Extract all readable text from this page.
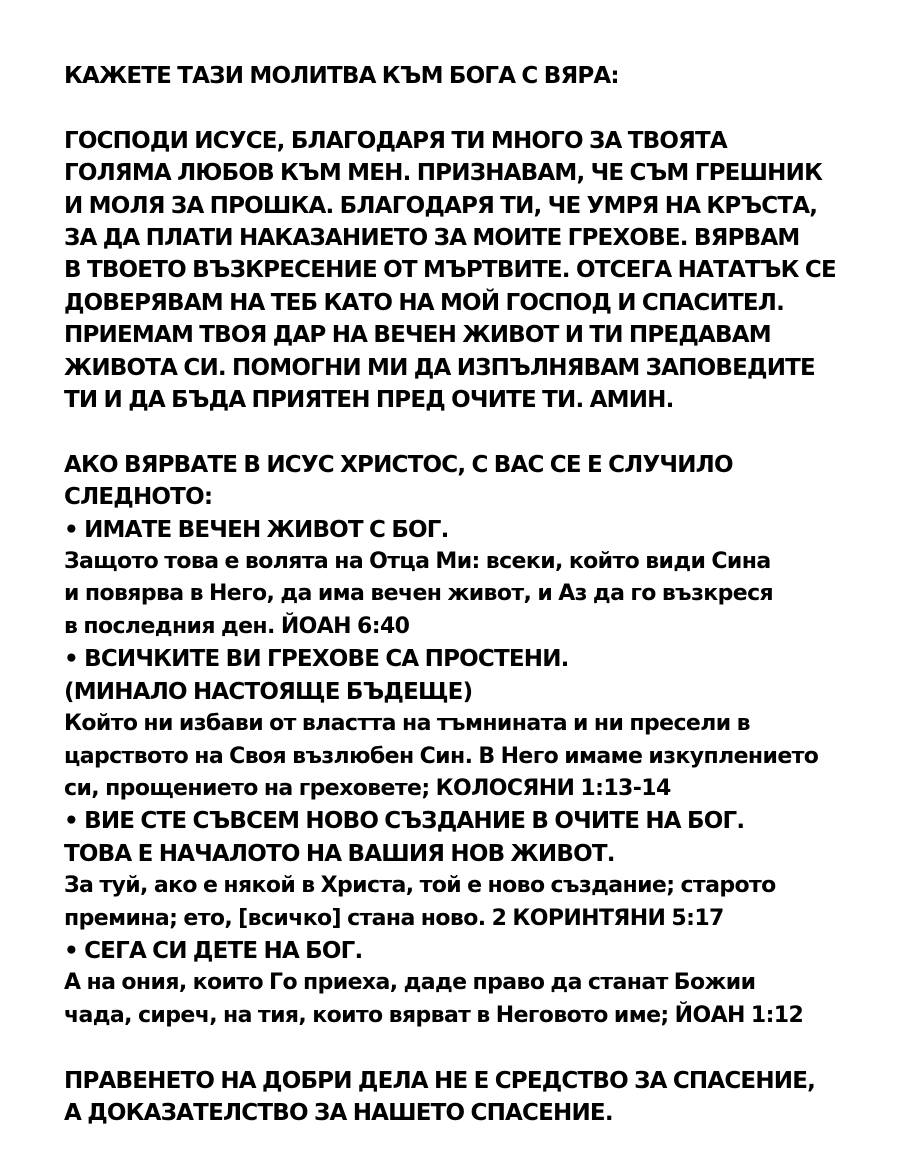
КАЖЕТЕ ТАЗИ МОЛИТВА КЪМ БОГА С ВЯРА:
ГОСПОДИ ИСУСЕ, БЛАГОДАРЯ ТИ МНОГО ЗА ТВОЯТА
ГОЛЯМА ЛЮБОВ КЪМ МЕН. ПРИЗНАВАМ, ЧЕ СЪМ ГРЕШНИК
И МОЛЯ ЗА ПРОШКА. БЛАГОДАРЯ ТИ, ЧЕ УМРЯ НА КРЪСТА,
ЗА ДА ПЛАТИ НАКАЗАНИЕТО ЗА МОИТЕ ГРЕХОВЕ. ВЯРВАМ
В ТВОЕТО ВЪЗКРЕСЕНИЕ ОТ МЪРТВИТЕ. ОТСЕГА НАТАТЪК СЕ
ДОВЕРЯВАМ НА ТЕБ КАТО НА МОЙ ГОСПОД И СПАСИТЕЛ.
ПРИЕМАМ ТВОЯ ДАР НА ВЕЧЕН ЖИВОТ И ТИ ПРЕДАВАМ
ЖИВОТА СИ. ПОМОГНИ МИ ДА ИЗПЪЛНЯВАМ ЗАПОВЕДИТЕ
ТИ И ДА БЪДА ПРИЯТЕН ПРЕД ОЧИТЕ ТИ. АМИН.
АКО ВЯРВАТЕ В ИСУС ХРИСТОС, С ВАС СЕ Е СЛУЧИЛО
СЛЕДНОТО:
• ИМАТЕ ВЕЧЕН ЖИВОТ С БОГ.
Защото това е волята на Отца Ми: всеки, който види Сина
и повярва в Него, да има вечен живот, и Аз да го възкреся
в последния ден. ЙОАН 6:40
• ВСИЧКИТЕ ВИ ГРЕХОВЕ СА ПРОСТЕНИ.
(МИНАЛО НАСТОЯЩЕ БЪДЕЩЕ)
Който ни избави от властта на тъмнината и ни пресели в
царството на Своя възлюбен Син. В Него имаме изкуплението
си, прощението на греховете; КОЛОСЯНИ 1:13-14
• ВИЕ СТЕ СЪВСЕМ НОВО СЪЗДАНИЕ В ОЧИТЕ НА БОГ.
ТОВА Е НАЧАЛОТО НА ВАШИЯ НОВ ЖИВОТ.
За туй, ако е някой в Христа, той е ново създание; старото
премина; ето, [всичко] стана ново. 2 КОРИНТЯНИ 5:17
• СЕГА СИ ДЕТЕ НА БОГ.
А на ония, които Го приеха, даде право да станат Божии
чада, сиреч, на тия, които вярват в Неговото име; ЙОАН 1:12
ПРАВЕНЕТО НА ДОБРИ ДЕЛА НЕ Е СРЕДСТВО ЗА СПАСЕНИЕ,
А ДОКАЗАТЕЛСТВО ЗА НАШЕТО СПАСЕНИЕ.
